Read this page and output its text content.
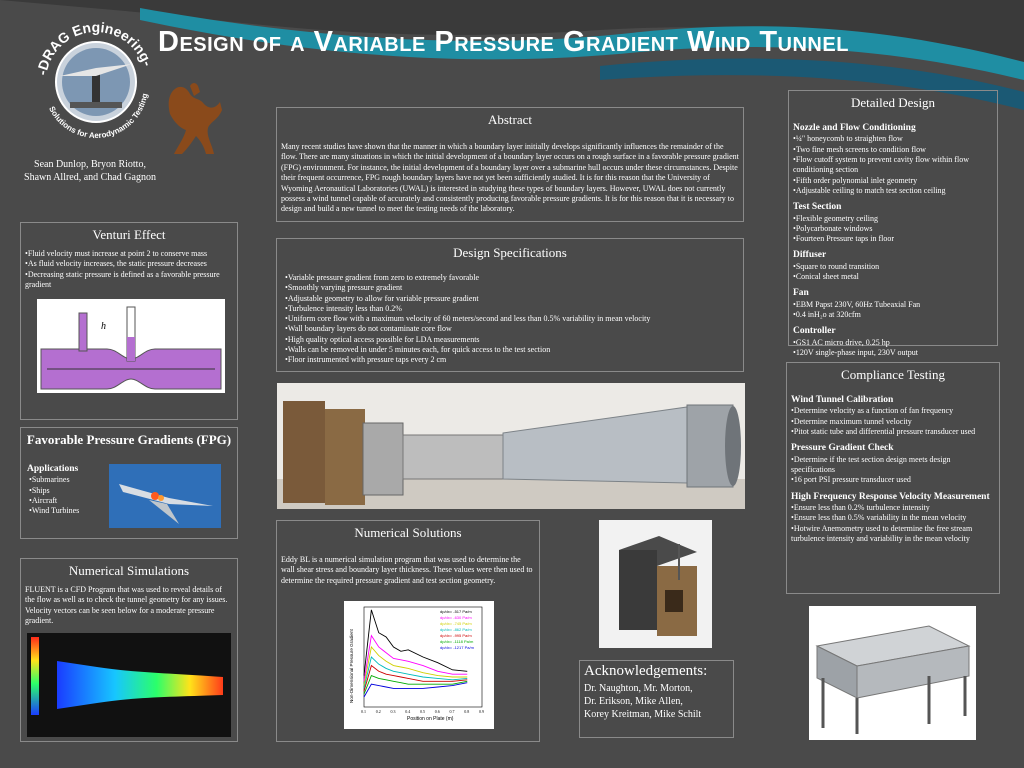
Design of a Variable Pressure Gradient Wind Tunnel
-DRAG Engineering-
Solutions for Aerodynamic Testing
Sean Dunlop, Bryon Riotto, Shawn Allred, and Chad Gagnon
Venturi Effect
• Fluid velocity must increase at point 2 to conserve mass
• As fluid velocity increases, the static pressure decreases
• Decreasing static pressure is defined as a favorable pressure gradient
h
Favorable Pressure Gradients (FPG)
Applications
• Submarines
• Ships
• Aircraft
• Wind Turbines
Numerical Simulations
FLUENT is a CFD Program that was used to reveal details of the flow as well as to check the tunnel geometry for any issues. Velocity vectors can be seen below for a moderate pressure gradient.
Abstract
Many recent studies have shown that the manner in which a boundary layer initially develops significantly influences the remainder of the flow. There are many situations in which the initial development of a boundary layer occurs on a rough surface in a favorable pressure gradient (FPG) environment. For instance, the initial development of a boundary layer over a submarine hull occurs under these circumstances. Despite their frequent occurrence, FPG rough boundary layers have not yet been sufficiently studied. It is for this reason that the University of Wyoming Aeronautical Laboratories (UWAL) is interested in studying these types of boundary layers. However, UWAL does not currently possess a wind tunnel capable of accurately and consistently producing favorable pressure gradients. It is for this reason that it is necessary to design and build a new tunnel to meet the testing needs of the laboratory.
Design Specifications
• Variable pressure gradient from zero to extremely favorable
• Smoothly varying pressure gradient
• Adjustable geometry to allow for variable pressure gradient
• Turbulence intensity less than 0.2%
• Uniform core flow with a maximum velocity of 60 meters/second and less than 0.5% variability in mean velocity
• Wall boundary layers do not contaminate core flow
• High quality optical access possible for LDA measurements
• Walls can be removed in under 5 minutes each, for quick access to the test section
• Floor instrumented with pressure taps every 2 cm
Numerical Solutions
Eddy BL is a numerical simulation program that was used to determine the wall shear stress and boundary layer thickness. These values were then used to determine the required pressure gradient and test section geometry.
dp/dx= -517 Pa/m
dp/dx= -630 Pa/m
dp/dx= -745 Pa/m
dp/dx= -862 Pa/m
dp/dx= -995 Pa/m
dp/dx= -1118 Pa/m
dp/dx= -1217 Pa/m
0.1 0.2 0.3 0.4 0.5 0.6 0.7 0.8 0.9
Position on Plate (m)
Non-Dimensional Pressure Gradient	Acknowledgements:
Dr. Naughton, Mr. Morton,
Dr. Erikson, Mike Allen,
Korey Kreitman, Mike Schilt
Detailed Design
Nozzle and Flow Conditioning
• ¼" honeycomb to straighten flow
• Two fine mesh screens to condition flow
• Flow cutoff system to prevent cavity flow within flow conditioning section
• Fifth order polynomial inlet geometry
• Adjustable ceiling to match test section ceiling
Test Section
• Flexible geometry ceiling
• Polycarbonate windows
• Fourteen Pressure taps in floor
Diffuser
• Square to round transition
• Conical sheet metal
Fan
• EBM Papst 230V, 60Hz Tubeaxial Fan
• 0.4 inH₂o at 320cfm
Controller
• GS1 AC micro drive, 0.25 hp
• 120V single-phase input, 230V output
Compliance Testing
Wind Tunnel Calibration
• Determine velocity as a function of fan frequency
• Determine maximum tunnel velocity
• Pitot static tube and differential pressure transducer used
Pressure Gradient Check
• Determine if the test section design meets design specifications
• 16 port PSI pressure transducer used
High Frequency Response Velocity Measurement
• Ensure less than 0.2% turbulence intensity
• Ensure less than 0.5% variability in the mean velocity
• Hotwire Anemometry used to determine the free stream turbulence intensity and variability in the mean velocity
